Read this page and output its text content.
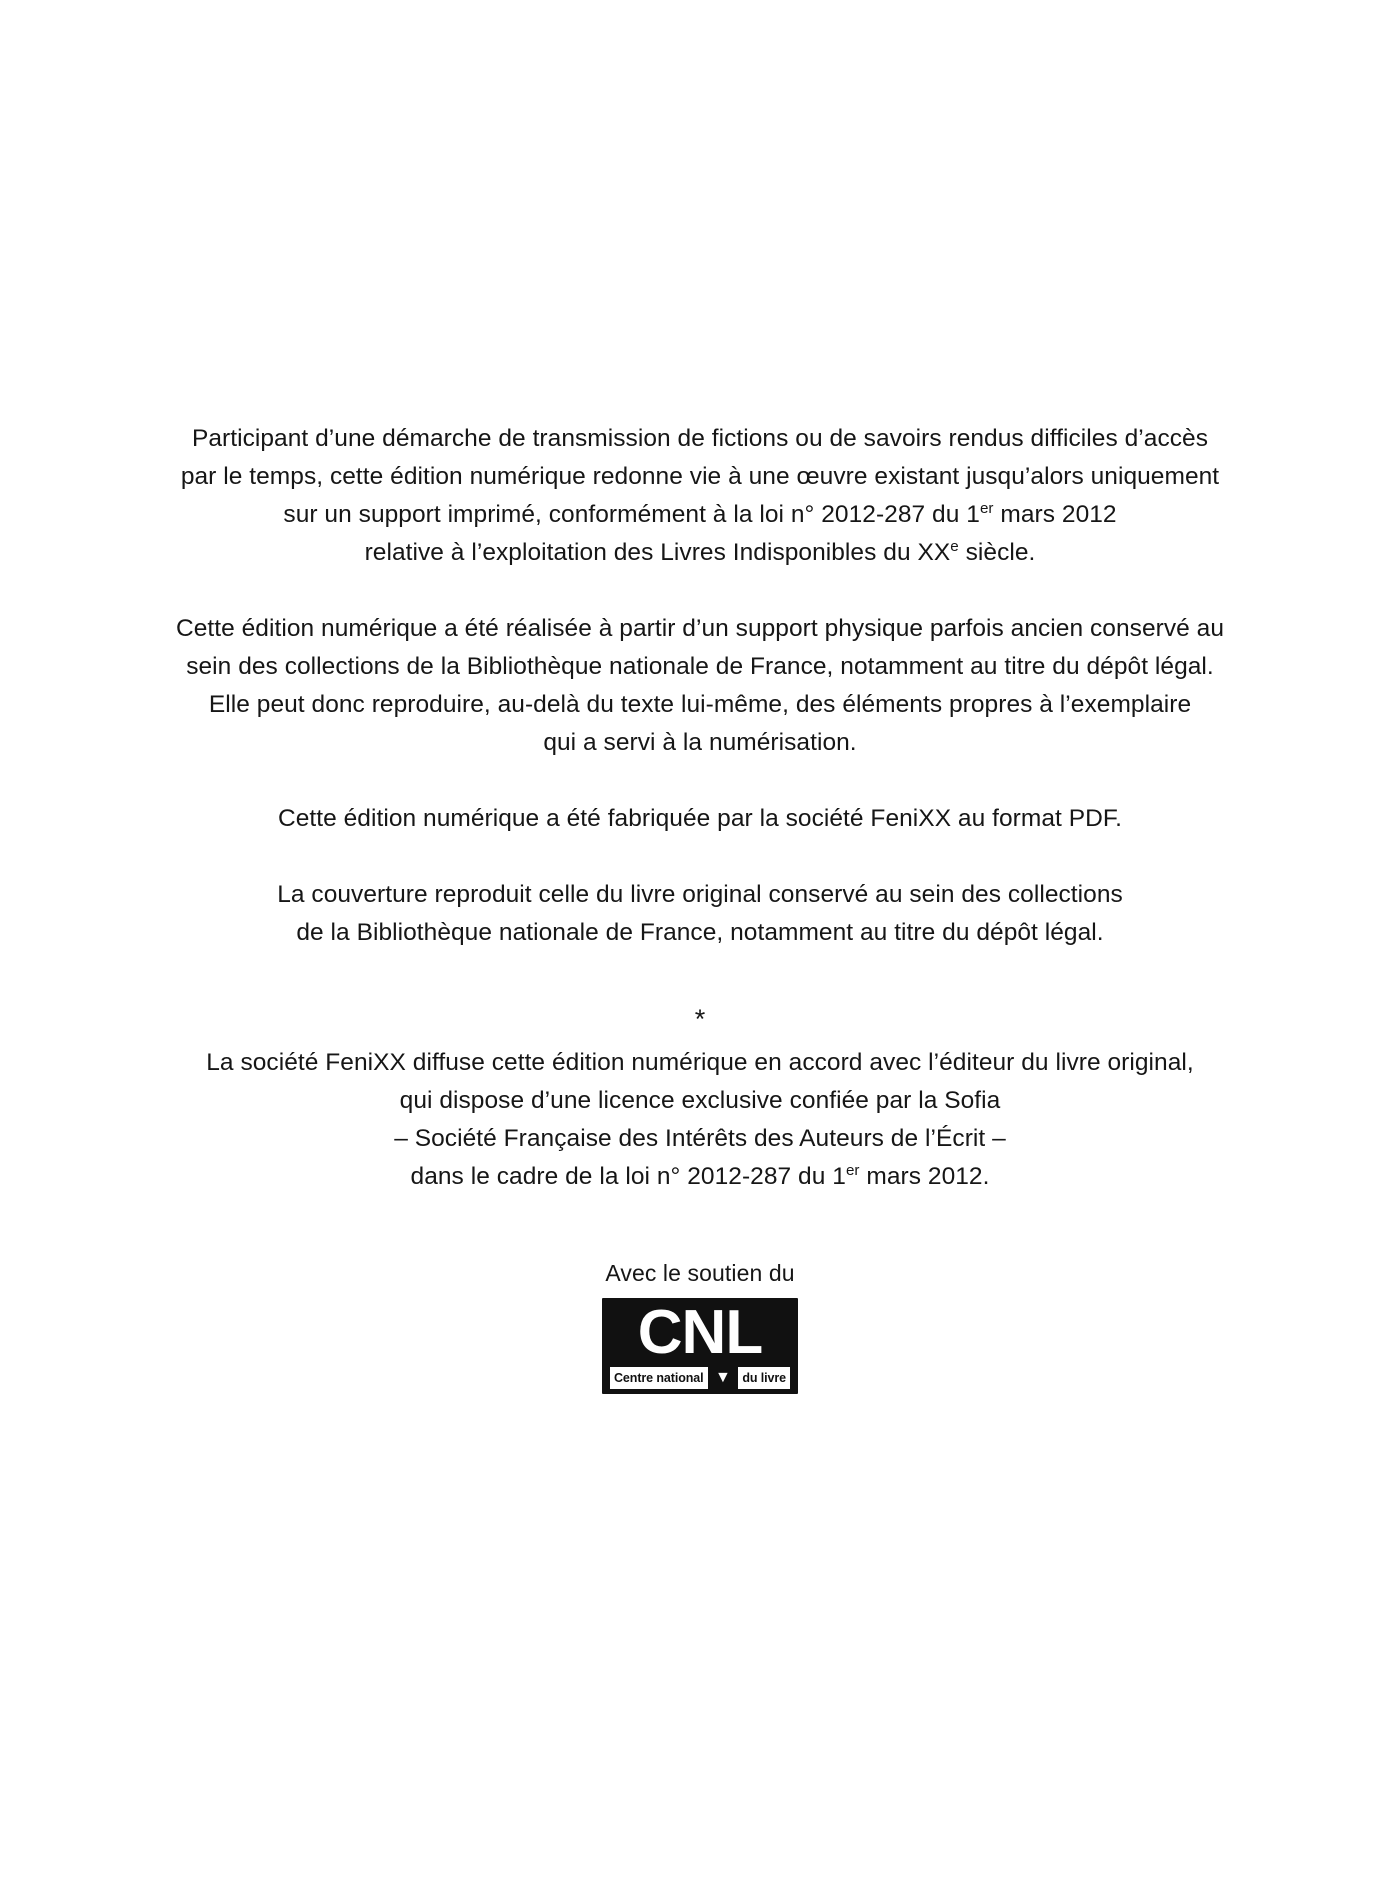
Participant d’une démarche de transmission de fictions ou de savoirs rendus difficiles d’accès
par le temps, cette édition numérique redonne vie à une œuvre existant jusqu’alors uniquement
sur un support imprimé, conformément à la loi n° 2012-287 du 1er mars 2012
relative à l’exploitation des Livres Indisponibles du XXe siècle.
Cette édition numérique a été réalisée à partir d’un support physique parfois ancien conservé au
sein des collections de la Bibliothèque nationale de France, notamment au titre du dépôt légal.
Elle peut donc reproduire, au-delà du texte lui-même, des éléments propres à l’exemplaire
qui a servi à la numérisation.
Cette édition numérique a été fabriquée par la société FeniXX au format PDF.
La couverture reproduit celle du livre original conservé au sein des collections
de la Bibliothèque nationale de France, notamment au titre du dépôt légal.
*
La société FeniXX diffuse cette édition numérique en accord avec l’éditeur du livre original,
qui dispose d’une licence exclusive confiée par la Sofia
– Société Française des Intérêts des Auteurs de l’Écrit –
dans le cadre de la loi n° 2012-287 du 1er mars 2012.
Avec le soutien du
CNL
Centre national ▼ du livre
